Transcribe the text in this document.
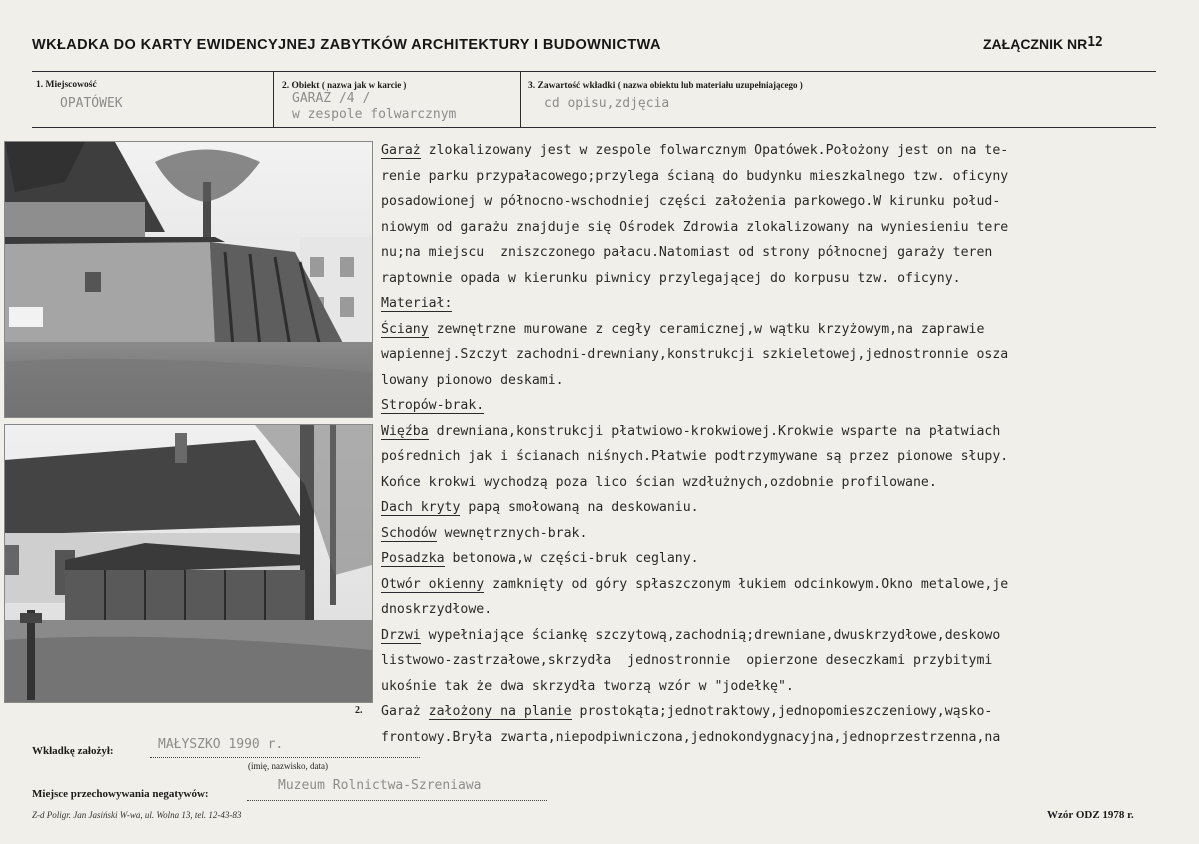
WKŁADKA DO KARTY EWIDENCYJNEJ ZABYTKÓW ARCHITEKTURY I BUDOWNICTWA	ZAŁĄCZNIK NR12
1. Miejscowość
OPATÓWEK
2. Obiekt ( nazwa jak w karcie )
GARAŻ /4 /
w zespole folwarcznym
3. Zawartość wkładki ( nazwa obiektu lub materiału uzupełniającego )
cd opisu,zdjęcia
2.
Garaż zlokalizowany jest w zespole folwarcznym Opatówek.Położony jest on na te-
renie parku przypałacowego;przylega ścianą do budynku mieszkalnego tzw. oficyny
posadowionej w północno-wschodniej części założenia parkowego.W kirunku połud-
niowym od garażu znajduje się Ośrodek Zdrowia zlokalizowany na wyniesieniu tere
nu;na miejscu  zniszczonego pałacu.Natomiast od strony północnej garaży teren
raptownie opada w kierunku piwnicy przylegającej do korpusu tzw. oficyny.
Materiał:
Ściany zewnętrzne murowane z cegły ceramicznej,w wątku krzyżowym,na zaprawie
wapiennej.Szczyt zachodni-drewniany,konstrukcji szkieletowej,jednostronnie osza
lowany pionowo deskami.
Stropów-brak.
Więźba drewniana,konstrukcji płatwiowo-krokwiowej.Krokwie wsparte na płatwiach
pośrednich jak i ścianach niśnych.Płatwie podtrzymywane są przez pionowe słupy.
Końce krokwi wychodzą poza lico ścian wzdłużnych,ozdobnie profilowane.
Dach kryty papą smołowaną na deskowaniu.
Schodów wewnętrznych-brak.
Posadzka betonowa,w części-bruk ceglany.
Otwór okienny zamknięty od góry spłaszczonym łukiem odcinkowym.Okno metalowe,je
dnoskrzydłowe.
Drzwi wypełniające ściankę szczytową,zachodnią;drewniane,dwuskrzydłowe,deskowo
listwowo-zastrzałowe,skrzydła  jednostronnie  opierzone deseczkami przybitymi
ukośnie tak że dwa skrzydła tworzą wzór w "jodełkę".
Garaż założony na planie prostokąta;jednotraktowy,jednopomieszczeniowy,wąsko-
frontowy.Bryła zwarta,niepodpiwniczona,jednokondygnacyjna,jednoprzestrzenna,na
Wkładkę założył:	MAŁYSZKO 1990 r.
(imię, nazwisko, data)
Miejsce przechowywania negatywów:
Muzeum Rolnictwa-Szreniawa
Z-d Poligr. Jan Jasiński W-wa, ul. Wolna 13, tel. 12-43-83	Wzór ODZ 1978 r.
